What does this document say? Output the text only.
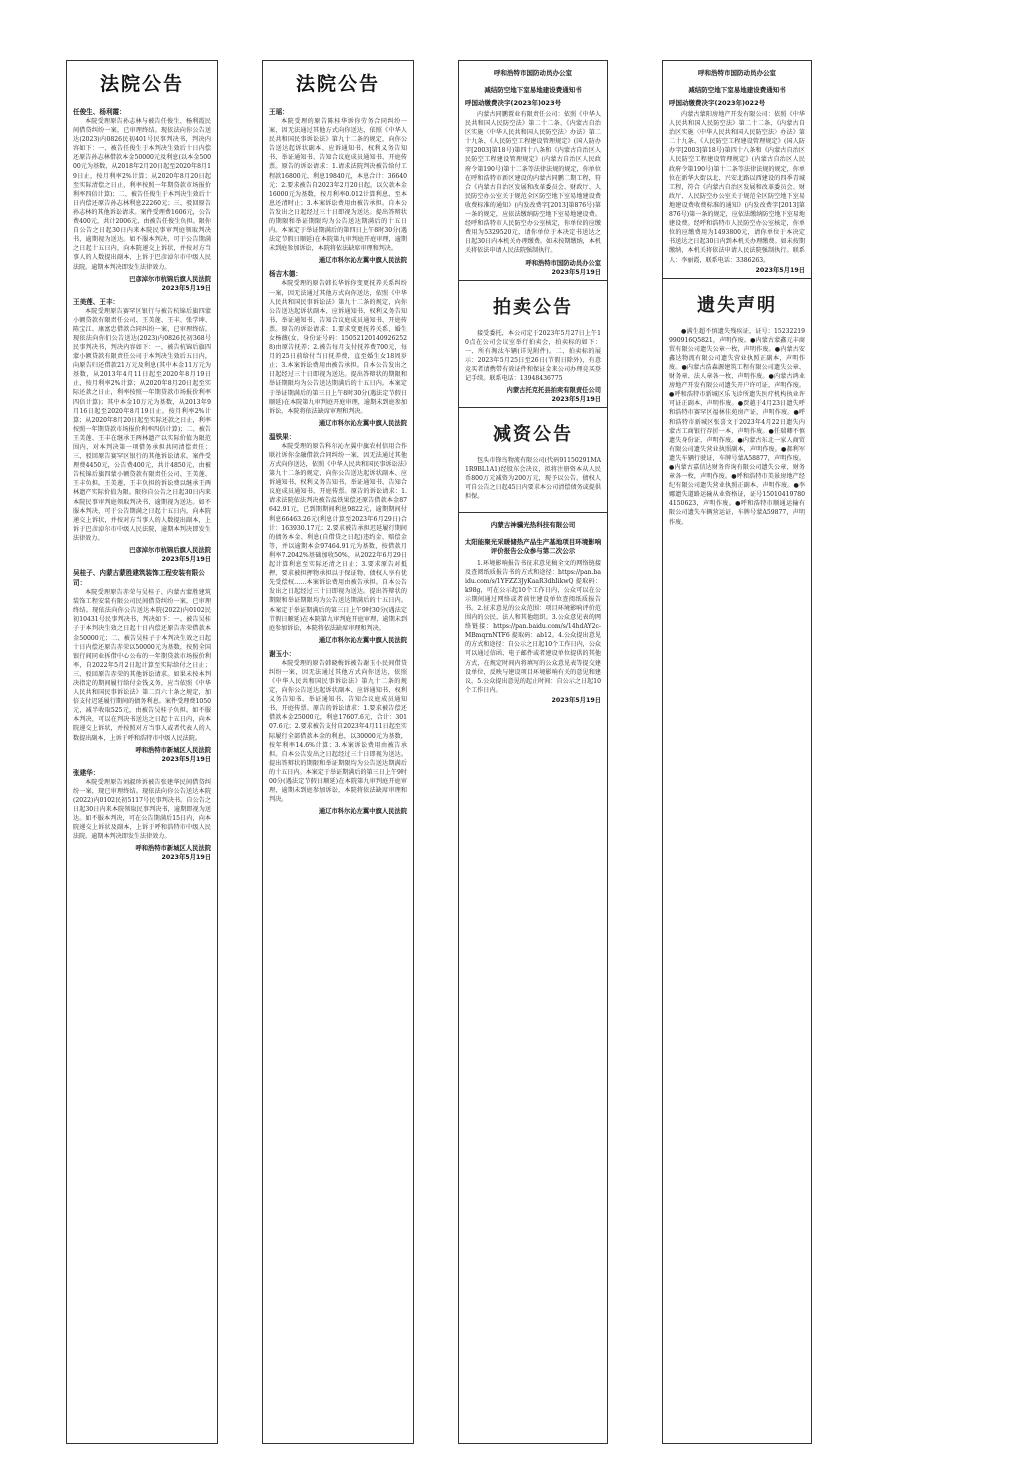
法院公告
任俊生、杨利霞：

本院受理原告孙志林与被告任俊生、杨利霞民间借贷纠纷一案，已审理终结。现依法向你公告送达(2023)内0826民初401号民事判决书，判决内容如下：一、被告任俊生于本判决生效后十日内偿还原告孙志林借款本金50000元及利息(以本金50000元为基数，从2018年2月20日起至2020年8月19日止，按月利率2%计算；从2020年8月20日起至实际清偿之日止，利率按照一年期贷款市场报价利率四倍计算)；二、被告任俊生于本判决生效后十日内偿还原告孙志林利息22260元；三、驳回原告孙志林的其他诉讼请求。案件受理费1606元，公告费400元，共计2006元，由被告任俊生负担。限你自公告之日起30日内来本院民事审判庭领取判决书，逾期视为送达。如不服本判决，可于公告期满之日起十五日内，向本院递交上诉状，并按对方当事人的人数提出副本，上诉于巴彦淖尔市中级人民法院。逾期本判决即发生法律效力。

巴彦淖尔市杭锦后旗人民法院
2023年5月19日
王美莲、王丰：

本院受理原告赛罕区银行与被告杭锦后旗四蒙小额贷款有限责任公司、王美莲、王丰、张学坤、陈宝江、康富忠借款合同纠纷一案，已审理终结。现依法向你们公告送达(2023)内0826民初368号民事判决书，判决内容如下：一、被告杭锦后旗四蒙小额贷款有限责任公司于本判决生效后五日内，向原告归还借款21万元及利息(其中本金11万元为基数，从2013年4月11日起至2020年8月19日止，按月利率2%计算；从2020年8月20日起至实际还款之日止，利率按照一年期贷款市场报价利率四倍计算)；其中本金10万元为基数，从2013年9月16日起至2020年8月19日止，按月利率2%计算；从2020年8月20日起至实际还款之日止，利率按照一年期贷款市场报价利率四倍计算)；二、被告王美莲、王丰在继承王两林遗产以实际价值为限范围内，对本判决第一项借务承担共同清偿责任；三、驳回原告赛罕区银行的其他诉讼请求。案件受理费4450元，公告费400元，共计4850元，由被告杭锦后旗四蒙小额贷款有限责任公司、王美莲、王丰负担。王美莲、王丰负担的诉讼费以继承王两林遗产实际价值为限。限你自公告之日起30日内来本院民事审判庭领取判决书，逾期视为送达。如不服本判决，可于公告期满之日起十五日内，向本院递交上诉状，并按对方当事人的人数提出副本，上诉于巴彦淖尔市中级人民法院，逾期本判决即发生法律效力。

巴彦淖尔市杭锦后旗人民法院
2023年5月19日
吴桂子、内蒙古蒙胜建筑装饰工程安装有限公司：

本院受理原告赤荣与吴桂子、内蒙古蒙胜建筑装饰工程安装有限公司民间借贷纠纷一案，已审理终结。现依法向你公告送达本院(2022)内0102民初10431号民事判决书，判决如下：一、被告吴桂子于本判决生效之日起十日内偿还原告赤荣借款本金50000元；二、被告吴桂子于本判决生效之日起十日内偿还原告赤荣以50000元为基数，按照全国银行间同业拆借中心公布的一年期贷款市场报价利率，自2022年5月2日起计算至实际给付之日止；三、驳回原告赤荣的其他诉讼请求。如果未按本判决指定的期间履行给付金钱义务，应当依照《中华人民共和国民事诉讼法》第二百六十条之规定，加倍支付迟延履行期间的债务利息。案件受理费1050元，减半收取525元，由被告吴桂子负担。如不服本判决，可以在判决书送达之日起十五日内，向本院递交上诉状，并按照对方当事人或者代表人的人数提出副本，上诉于呼和浩特市中级人民法院。

呼和浩特市新城区人民法院
2023年5月19日
张建华：

本院受理原告刘淑珍诉被告张建华民间借贷纠纷一案，现已审理终结。现依法向你公告送达本院(2022)内0102民初5117号民事判决书。自公告之日起30日内来本院领取民事判决书，逾期即视为送达。如不服本判决，可在公告期满后15日内，向本院递交上诉状及副本，上诉于呼和浩特市中级人民法院。逾期本判决即发生法律效力。

呼和浩特市新城区人民法院
2023年5月19日
法院公告
王瑶：

本院受理的原告陈桂华诉你劳务合同纠纷一案，因无法通过其他方式向你送达，依照《中华人民共和国民事诉讼法》第九十二条的规定，向你公告送达起诉状副本、应诉通知书、权利义务告知书、举证通知书、告知合议庭成员通知书、开庭传票。原告的诉讼请求：1.请求法院判决被告给付工程款16800元、利息19840元，本息合计：36640元；2.要求被告自2023年2月20日起，以欠款本金16000元为基数，按月利率0.012计算利息，至本息还清时止；3.本案诉讼费用由被告承担。自本公告发出之日起经过三十日即视为送达。提出答辩状的期限和举证期限均为公告送达期满后的十五日内。本案定于举证期满后的第四日上午8时30分(遇法定节假日顺延)在本院第九审判庭开庭审理，逾期未到庭参加诉讼，本院将依法缺席审理和判决。

通辽市科尔沁左翼中旗人民法院
杨吉木德：

本院受理的原告韩长华诉你变更抚养关系纠纷一案，因无法通过其他方式向你送达，依照《中华人民共和国民事诉讼法》第九十二条的规定，向你公告送达起诉状副本、应诉通知书、权利义务告知书、举证通知书、告知合议庭成员通知书、开庭传票。原告的诉讼请求：1.要求变更抚养关系，婚生女杨薇(女，身份证号码：150521201409262528)由原告抚养；2.被告每月支付抚养费700元，每月的25日前给付当日抚养费，直至婚生女18周岁止；3.本案诉讼费用由被告承担。自本公告发出之日起经过三十日即视为送达。提出答辩状的期限和举证期限均为公告送达期满后的十五日内。本案定于举证期满后的第三日上午8时30分(遇法定节假日顺延)在本院第九审判庭开庭审理，逾期未到庭参加诉讼，本院将依法缺席审理和判决。

通辽市科尔沁左翼中旗人民法院
温铁果：

本院受理的原告科尔沁左翼中旗农村信用合作联社诉你金融借款合同纠纷一案，因无法通过其他方式向你送达，依照《中华人民共和国民事诉讼法》第九十二条的规定，向你公告送达起诉状副本、应诉通知书、权利义务告知书、举证通知书、告知合议庭成员通知书、开庭传票。原告的诉讼请求：1.请求法院依法判决被告温铁果偿还原告借款本金87642.91元，已到期期间利息9822元，逾期期间付利息66463.26元(利息计算至2023年6月29日)合计：163930.17元；2.要求被告承担迟延履行期间的债务本金、利息(自借贷之日起)违约金、赔偿金等，并以逾期本金97464.91元为基数，按借款月利率7.2042%基础加收50%，从2022年6月29日起计算利息至实际还清之日止；3.要求原告对抵押、要求被担押物承担以于保证物、债权人享有优先受偿权……本案诉讼费用由被告承担。自本公告发出之日起经过三十日即视为送达。提出答辩状的期限和举证期限均为公告送达期满后的十五日内。本案定于举证期满后的第三日上午9时30分(遇法定节假日顺延)在本院第九审判庭开庭审理，逾期未到庭参加诉讼，本院将依法缺席审理和判决。

通辽市科尔沁左翼中旗人民法院
谢玉小：

本院受理的原告韩晓梅诉被告谢玉小民间借贷纠纷一案，因无法通过其他方式向你送达，依照《中华人民共和国民事诉讼法》第九十二条的规定，向你公告送达起诉状副本、应诉通知书、权利义务告知书、举证通知书、告知合议庭成员通知书、开庭传票。原告的诉讼请求：1.要求被告偿还借款本金25000元，利息17607.6元，合计：30107.6元；2.要求被告支付自2023年4月11日起至实际履行全部借款本金的利息，以30000元为基数，按年利率14.6%计算；3.本案诉讼费用由被告承担。自本公告发出之日起经过三十日即视为送达。提出答辩状的期限和举证期限均为公告送达期满后的十五日内。本案定于举证期满后的第三日上午9时00分(遇法定节假日顺延)在本院第九审判庭开庭审理，逾期未到庭参加诉讼，本院将依法缺席审理和判决。

通辽市科尔沁左翼中旗人民法院
呼和浩特市国防动员办公室
减结防空地下室易地建设费通知书
呼国动缴费决字(2023年)023号

内蒙古同鹏置业有限责任公司：依照《中华人民共和国人民防空法》第二十二条、《内蒙古自治区实施〈中华人民共和国人民防空法〉办法》第二十九条、《人民防空工程建设管理规定》(国人防办字[2003]第18号)第四十八条和《内蒙古自治区人民防空工程建设管理规定》(内蒙古自治区人民政府令第190号)第十二条等法律法规的规定，你单位在呼和浩特市新区建设的内蒙古同鹏二期工程，符合《内蒙古自治区发展和改革委员会、财政厅、人民防空办公室关于规范全区防空地下室易地建设费收费标准的通知》(内发改费字[2013]第876号)第一条的规定，应依法缴纳防空地下室易地建设费。经呼和浩特市人民防空办公室核定，你单位的应缴费用为5329520元，请你单位于本决定书送达之日起30日内本机关办理缴费。如未按期缴纳，本机关将依法申请人民法院强制执行。

呼和浩特市国防动员办公室
2023年5月19日
拍卖公告

接受委托，本公司定于2023年5月27日上午10点在公司会议室举行拍卖会，拍卖标的如下：一、所有淘汰车辆(详见附件)。二、拍卖标的展示：2023年5月25日至26日(节假日除外)，有意竞买者请携带有效证件和保证金来公司办理竞买登记手续。联系电话：13948436775

内蒙古托克托县拍卖有限责任公司
2023年5月19日
减资公告

包头市锋鸟物流有限公司(代码91150291MA1R9BL1A1)经股东会决议，拟将注册资本从人民币800万元减资为200万元，现予以公告，债权人可自公告之日起45日内要求本公司清偿债务或提供担保。

内蒙古神骥光热科技有限公司
太阳能聚光采暖储热产品生产基地项目环境影响评价报告公众参与第二次公示

1.环境影响报告书征求意见稿全文的网络链接及查阅纸质报告书的方式和途径：https://pan.baidu.com/s/1YFZZ3JyKaaR3dhIikwQ 提取码：k98g，可在公示起10个工作日内，公众可以在公示期间通过网络或者前往建设单位查阅纸质报告书。2.征求意见的公众范围：项目环境影响评价范围内的公民、法人和其他组织。3.公众意见表的网络链接：https://pan.baidu.com/s/14hdAY2c-MBmqrnNTF6 提取码：ab12。4.公众提出意见的方式和途径：自公示之日起10个工作日内，公众可以通过信函、电子邮件或者建设单位提供的其他方式，在规定时间内将填写的公众意见表等提交建设单位，反映与建设项目环境影响有关的意见和建议。5.公众提出意见的起止时间：自公示之日起10个工作日内。

2023年5月19日
呼和浩特市国防动员办公室
减结防空地下室易地建设费通知书
呼国动缴费决字(2023年)022号

内蒙古蒙阳房地产开发有限公司：依照《中华人民共和国人民防空法》第二十二条、《内蒙古自治区实施〈中华人民共和国人民防空法〉办法》第二十九条、《人民防空工程建设管理规定》(国人防办字[2003]第18号)第四十八条和《内蒙古自治区人民防空工程建设管理规定》(内蒙古自治区人民政府令第190号)第十二条等法律法规的规定，你单位在新华大街以北、兴安北路以西建设的四季青城工程，符合《内蒙古自治区发展和改革委员会、财政厅、人民防空办公室关于规范全区防空地下室易地建设费收费标准的通知》(内发改费字[2013]第876号)第一条的规定，应依法缴纳防空地下室易地建设费。经呼和浩特市人民防空办公室核定，你单位的应缴费用为1493800元，请你单位于本决定书送达之日起30日内到本机关办理缴费。如未按期缴纳，本机关将依法申请人民法院强制执行。联系人：李丽霞，联系电话：3386263。

2023年5月19日
遗失声明

●满生超不慎遗失残疾证，证号：15232219990916Q5821，声明作废。●内蒙古蒙鑫元丰商贸有限公司遗失公章一枚，声明作废。●内蒙古安鑫达物流有限公司遗失营业执照正副本，声明作废。●内蒙古浩森源建筑工程有限公司遗失公章、财务章、法人章各一枚，声明作废。●内蒙古鸿业房地产开发有限公司遗失开户许可证，声明作废。●呼和浩特市新城区乐飞诊所遗失医疗机构执业许可证正副本，声明作废。●贾越于4月23日遗失呼和浩特市赛罕区福林佳苑房产证，声明作废。●呼和浩特市新城区张喜文于2023年4月22日遗失内蒙古工商银行存折一本，声明作废。●任瑞卿不慎遗失身份证，声明作废。●内蒙古东北一家人商贸有限公司遗失营业执照副本，声明作废。●郝利军遗失车辆行驶证，车牌号蒙A58877，声明作废。●内蒙古嘉信达财务咨询有限公司遗失公章、财务章各一枚，声明作废。●呼和浩特市美景房地产经纪有限公司遗失营业执照正副本，声明作废。●李娜遗失道路运输从业资格证，证号150104197804150623，声明作废。●呼和浩特市顺通运输有限公司遗失车辆营运证，车牌号蒙A59877，声明作废。
